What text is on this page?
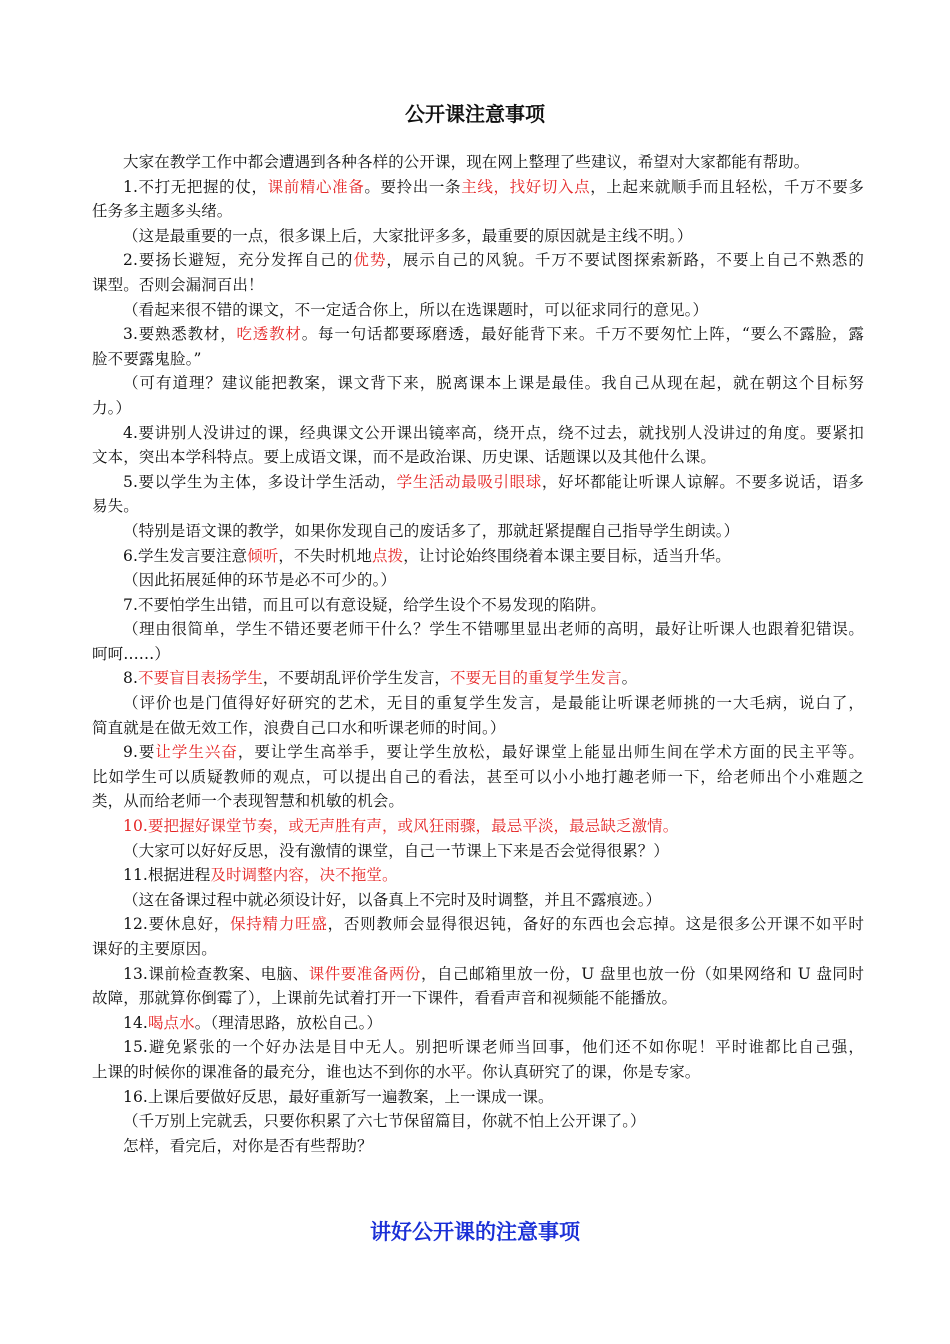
公开课注意事项
大家在教学工作中都会遭遇到各种各样的公开课，现在网上整理了些建议，希望对大家都能有帮助。
1.不打无把握的仗，课前精心准备。要拎出一条主线，找好切入点，上起来就顺手而且轻松，千万不要多
任务多主题多头绪。
（这是最重要的一点，很多课上后，大家批评多多，最重要的原因就是主线不明。）
2.要扬长避短，充分发挥自己的优势，展示自己的风貌。千万不要试图探索新路，不要上自己不熟悉的
课型。否则会漏洞百出！
（看起来很不错的课文，不一定适合你上，所以在选课题时，可以征求同行的意见。）
3.要熟悉教材，吃透教材。每一句话都要琢磨透，最好能背下来。千万不要匆忙上阵，“要么不露脸，露
脸不要露鬼脸。”
（可有道理？建议能把教案，课文背下来，脱离课本上课是最佳。我自己从现在起，就在朝这个目标努
力。）
4.要讲别人没讲过的课，经典课文公开课出镜率高，绕开点，绕不过去，就找别人没讲过的角度。要紧扣
文本，突出本学科特点。要上成语文课，而不是政治课、历史课、话题课以及其他什么课。
5.要以学生为主体，多设计学生活动，学生活动最吸引眼球，好坏都能让听课人谅解。不要多说话，语多
易失。
（特别是语文课的教学，如果你发现自己的废话多了，那就赶紧提醒自己指导学生朗读。）
6.学生发言要注意倾听，不失时机地点拨，让讨论始终围绕着本课主要目标，适当升华。
（因此拓展延伸的环节是必不可少的。）
7.不要怕学生出错，而且可以有意设疑，给学生设个不易发现的陷阱。
（理由很简单，学生不错还要老师干什么？学生不错哪里显出老师的高明，最好让听课人也跟着犯错误。
呵呵……）
8.不要盲目表扬学生，不要胡乱评价学生发言，不要无目的重复学生发言。
（评价也是门值得好好研究的艺术，无目的重复学生发言，是最能让听课老师挑的一大毛病，说白了，
简直就是在做无效工作，浪费自己口水和听课老师的时间。）
9.要让学生兴奋，要让学生高举手，要让学生放松，最好课堂上能显出师生间在学术方面的民主平等。
比如学生可以质疑教师的观点，可以提出自己的看法，甚至可以小小地打趣老师一下，给老师出个小难题之
类，从而给老师一个表现智慧和机敏的机会。
10.要把握好课堂节奏，或无声胜有声，或风狂雨骤，最忌平淡，最忌缺乏激情。
（大家可以好好反思，没有激情的课堂，自己一节课上下来是否会觉得很累？）
11.根据进程及时调整内容，决不拖堂。
（这在备课过程中就必须设计好，以备真上不完时及时调整，并且不露痕迹。）
12.要休息好，保持精力旺盛，否则教师会显得很迟钝，备好的东西也会忘掉。这是很多公开课不如平时
课好的主要原因。
13.课前检查教案、电脑、课件要准备两份，自己邮箱里放一份，U 盘里也放一份（如果网络和 U 盘同时
故障，那就算你倒霉了），上课前先试着打开一下课件，看看声音和视频能不能播放。
14.喝点水。（理清思路，放松自己。）
15.避免紧张的一个好办法是目中无人。别把听课老师当回事，他们还不如你呢！平时谁都比自己强，
上课的时候你的课准备的最充分，谁也达不到你的水平。你认真研究了的课，你是专家。
16.上课后要做好反思，最好重新写一遍教案，上一课成一课。
（千万别上完就丢，只要你积累了六七节保留篇目，你就不怕上公开课了。）
怎样，看完后，对你是否有些帮助？
讲好公开课的注意事项
